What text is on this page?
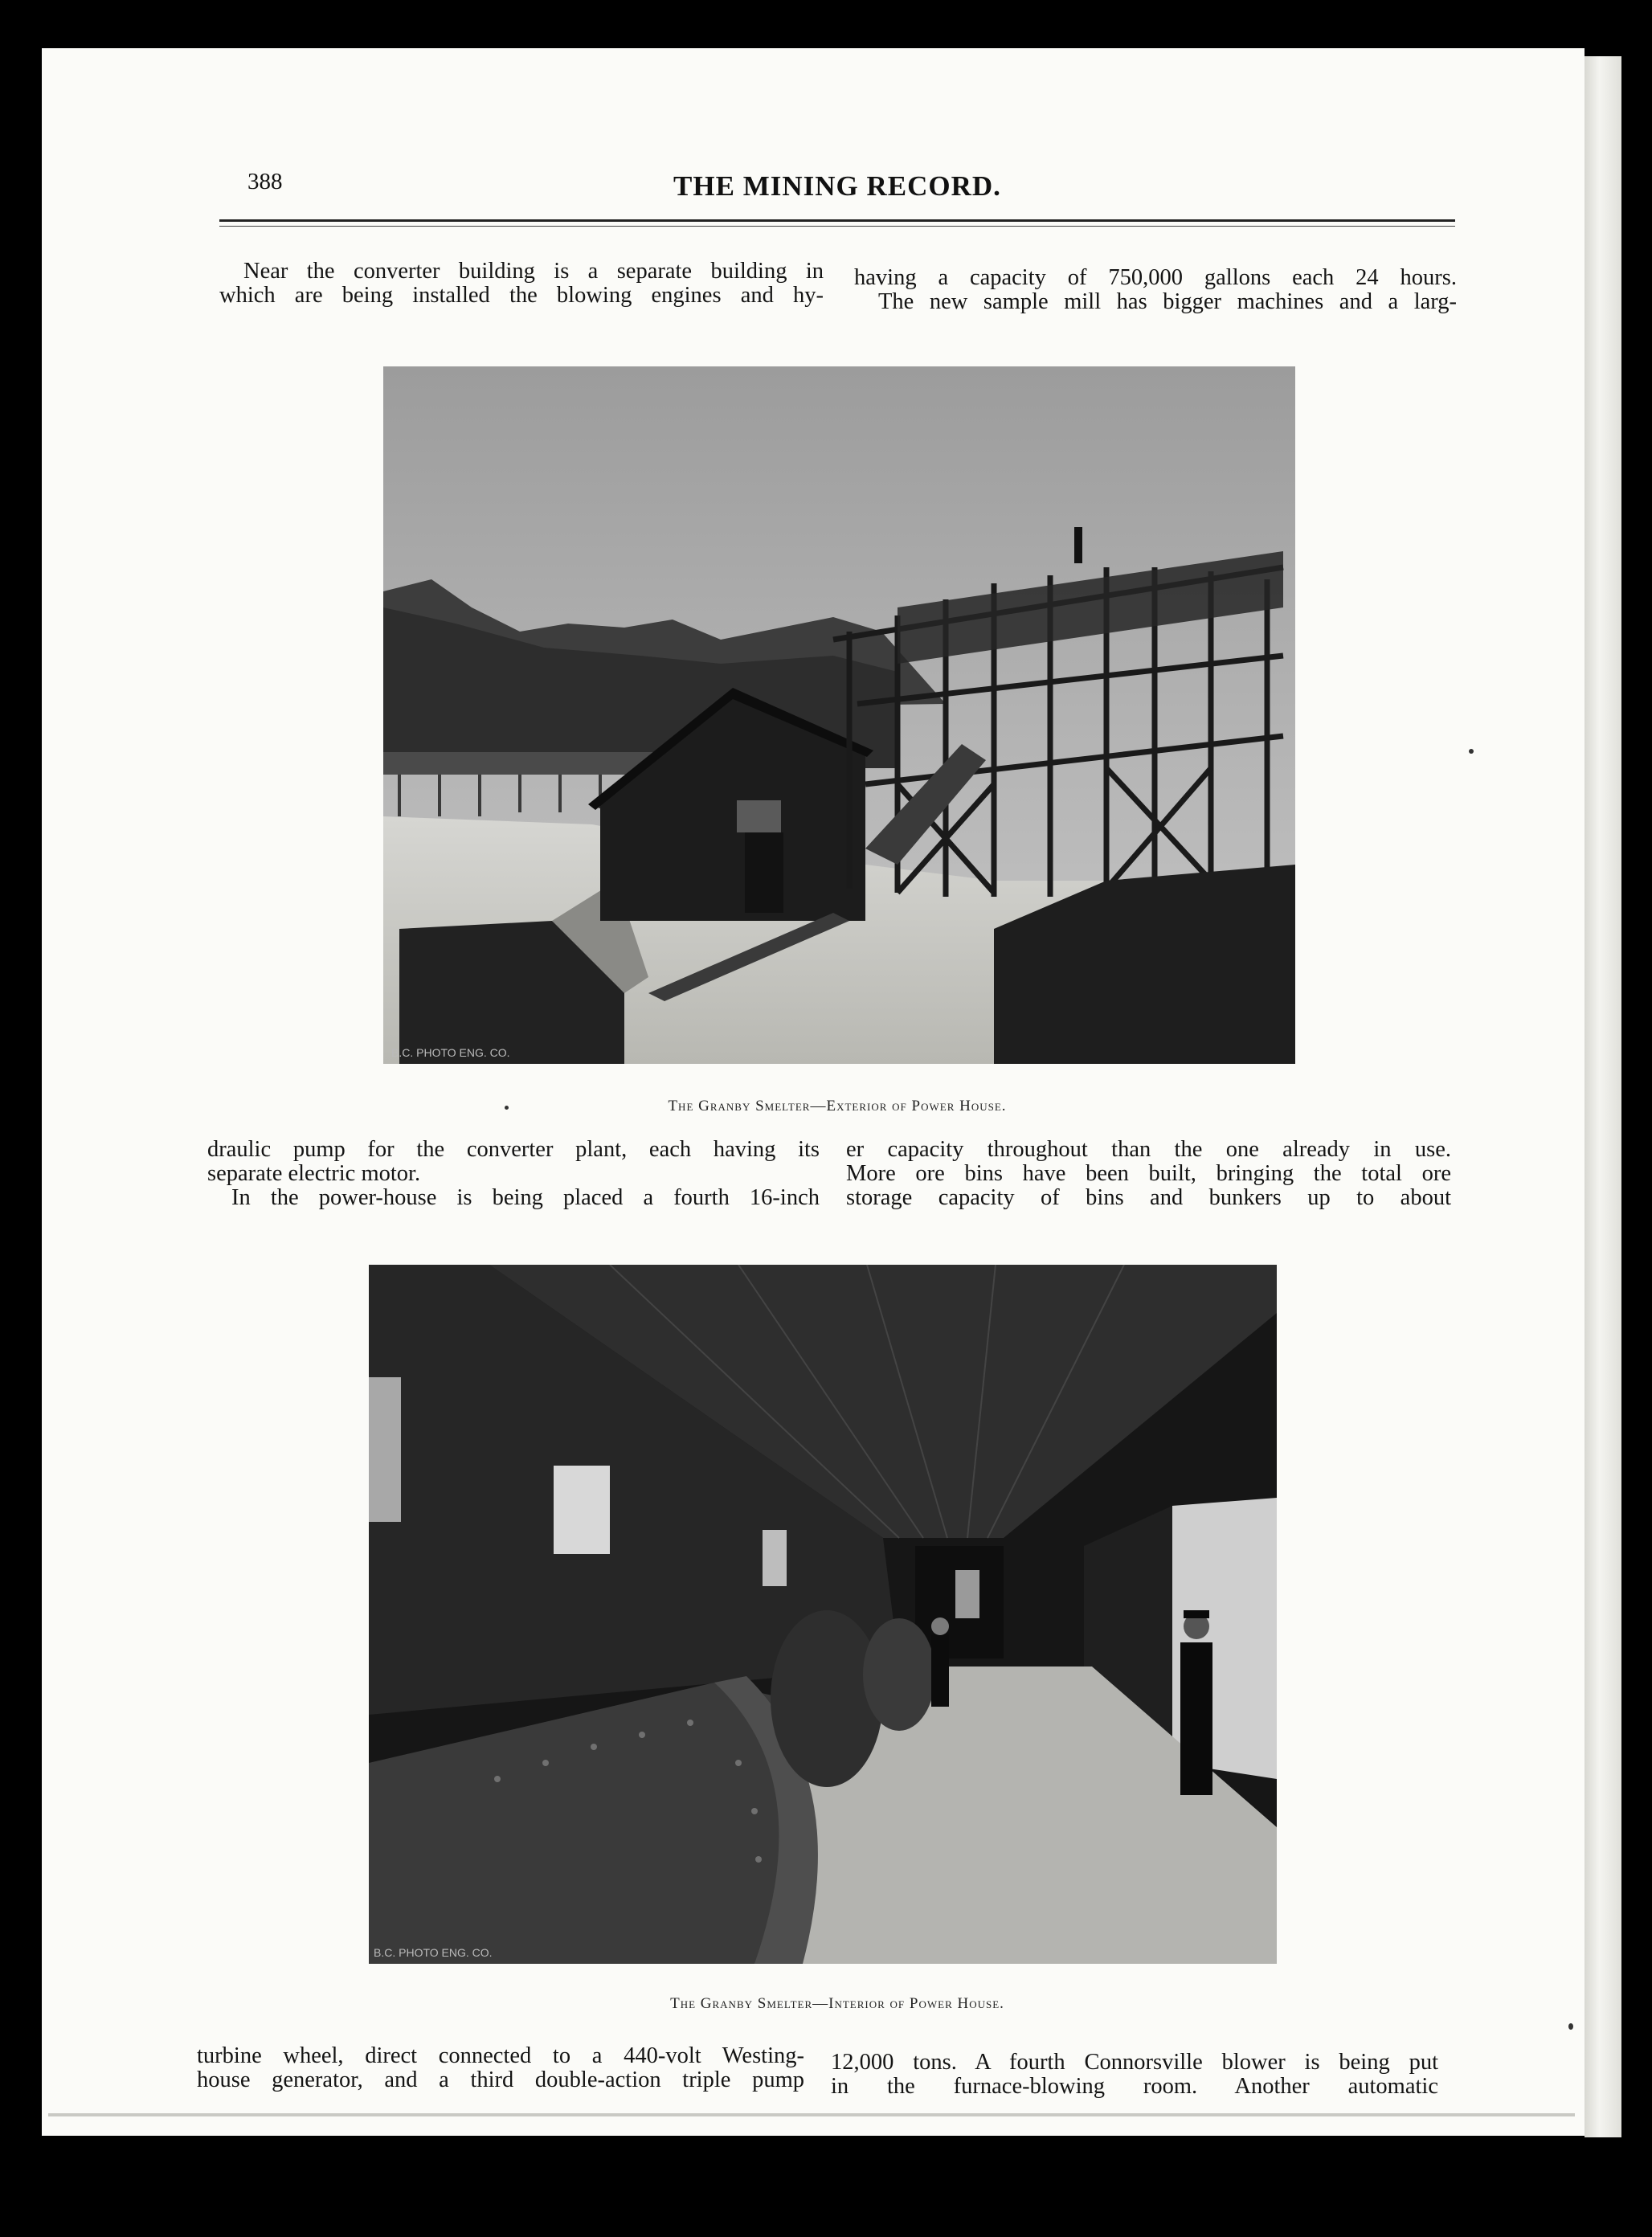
388	THE MINING RECORD.

Near the converter building is a separate building in

which are being installed the blowing engines and hy-

having a capacity of 750,000 gallons each 24 hours.

The new sample mill has bigger machines and a larg-

B.C. PHOTO ENG. CO.
The Granby Smelter—Exterior of Power House.

draulic pump for the converter plant, each having its

separate electric motor.

In the power-house is being placed a fourth 16-inch

er capacity throughout than the one already in use.

More ore bins have been built, bringing the total ore

storage capacity of bins and bunkers up to about

B.C. PHOTO ENG. CO.
The Granby Smelter—Interior of Power House.

turbine wheel, direct connected to a 440-volt Westing-

house generator, and a third double-action triple pump

12,000 tons. A fourth Connorsville blower is being put

in the furnace-blowing room. Another automatic
